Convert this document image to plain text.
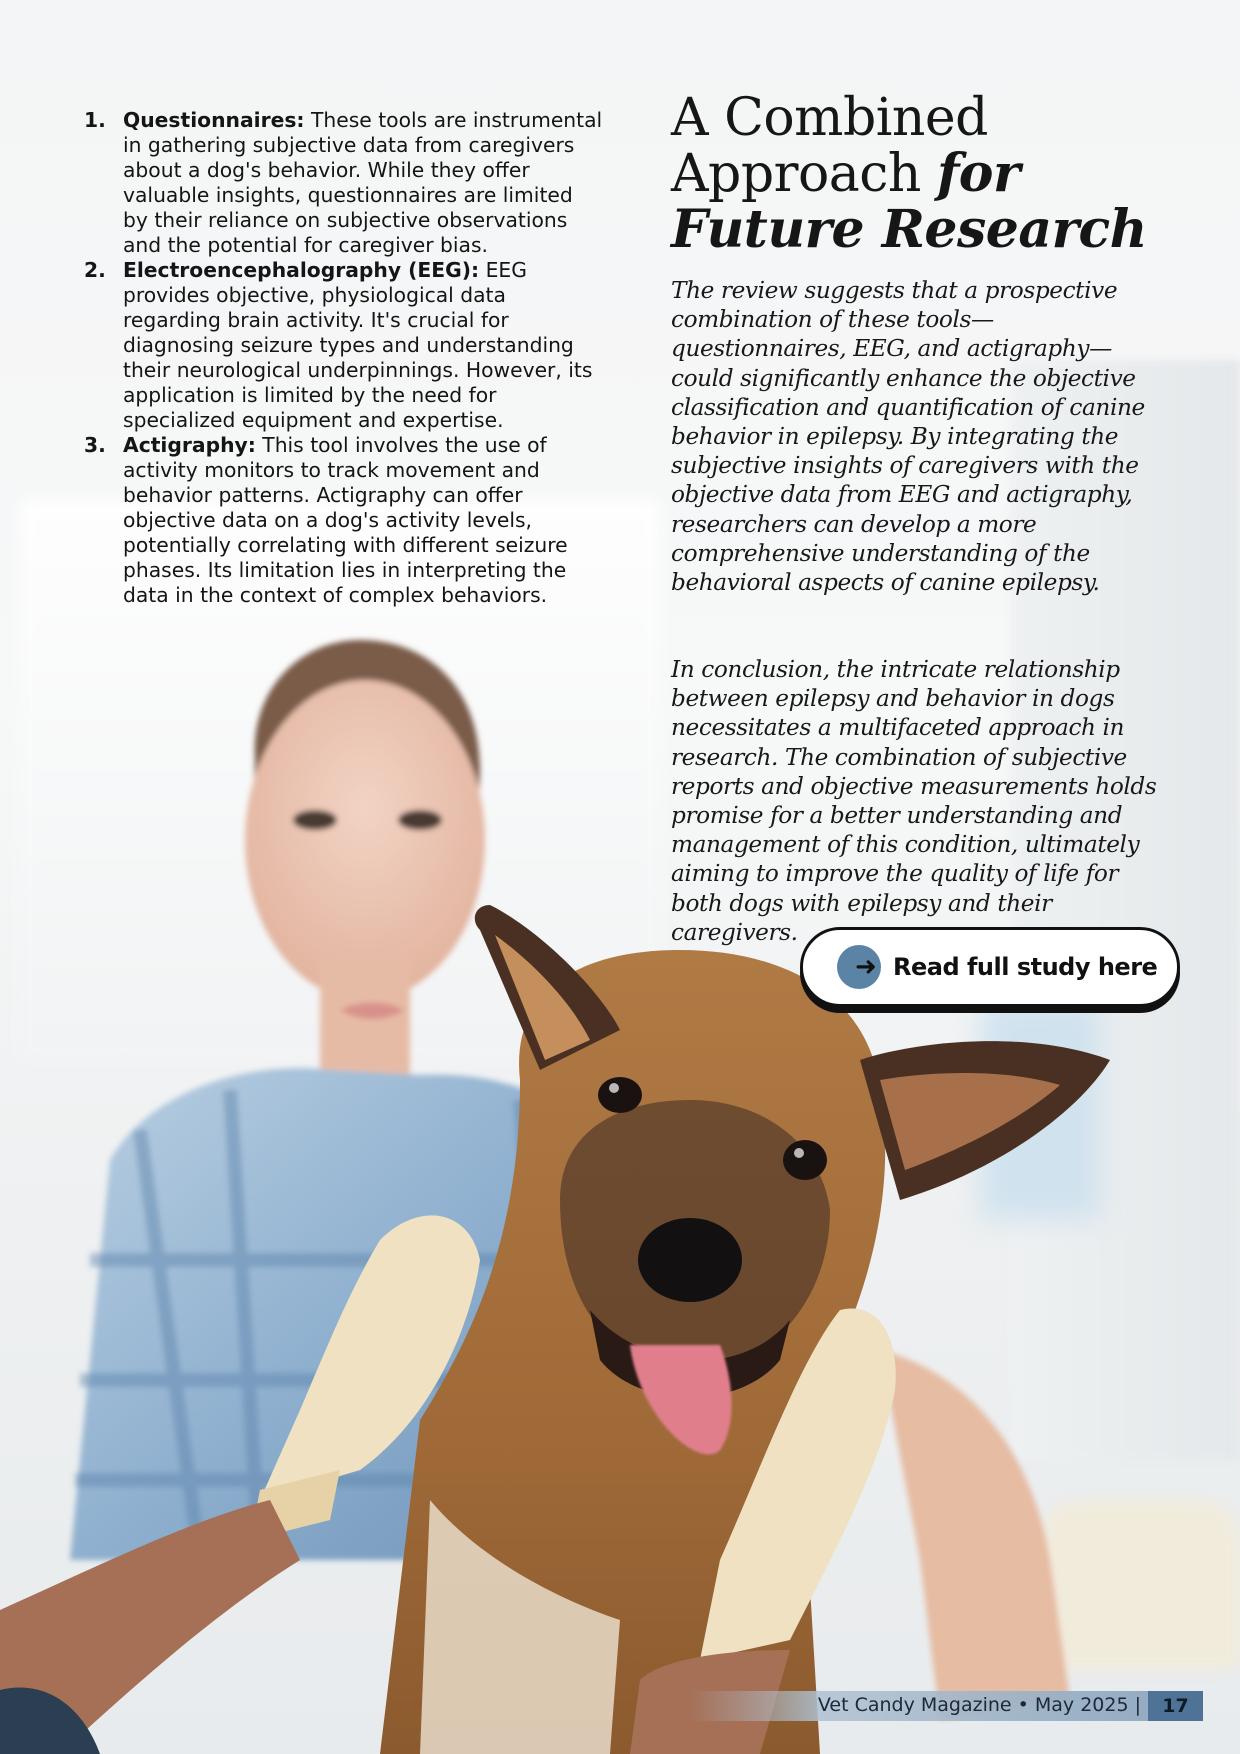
1. Questionnaires: These tools are instrumental in gathering subjective data from caregivers about a dog's behavior. While they offer valuable insights, questionnaires are limited by their reliance on subjective observations and the potential for caregiver bias.
2. Electroencephalography (EEG): EEG provides objective, physiological data regarding brain activity. It's crucial for diagnosing seizure types and understanding their neurological underpinnings. However, its application is limited by the need for specialized equipment and expertise.
3. Actigraphy: This tool involves the use of activity monitors to track movement and behavior patterns. Actigraphy can offer objective data on a dog's activity levels, potentially correlating with different seizure phases. Its limitation lies in interpreting the data in the context of complex behaviors.
A Combined Approach for Future Research

The review suggests that a prospective combination of these tools—questionnaires, EEG, and actigraphy—could significantly enhance the objective classification and quantification of canine behavior in epilepsy. By integrating the subjective insights of caregivers with the objective data from EEG and actigraphy, researchers can develop a more comprehensive understanding of the behavioral aspects of canine epilepsy.

In conclusion, the intricate relationship between epilepsy and behavior in dogs necessitates a multifaceted approach in research. The combination of subjective reports and objective measurements holds promise for a better understanding and management of this condition, ultimately aiming to improve the quality of life for both dogs with epilepsy and their caregivers.

➜ Read full study here
Vet Candy Magazine • May 2025 |	17
